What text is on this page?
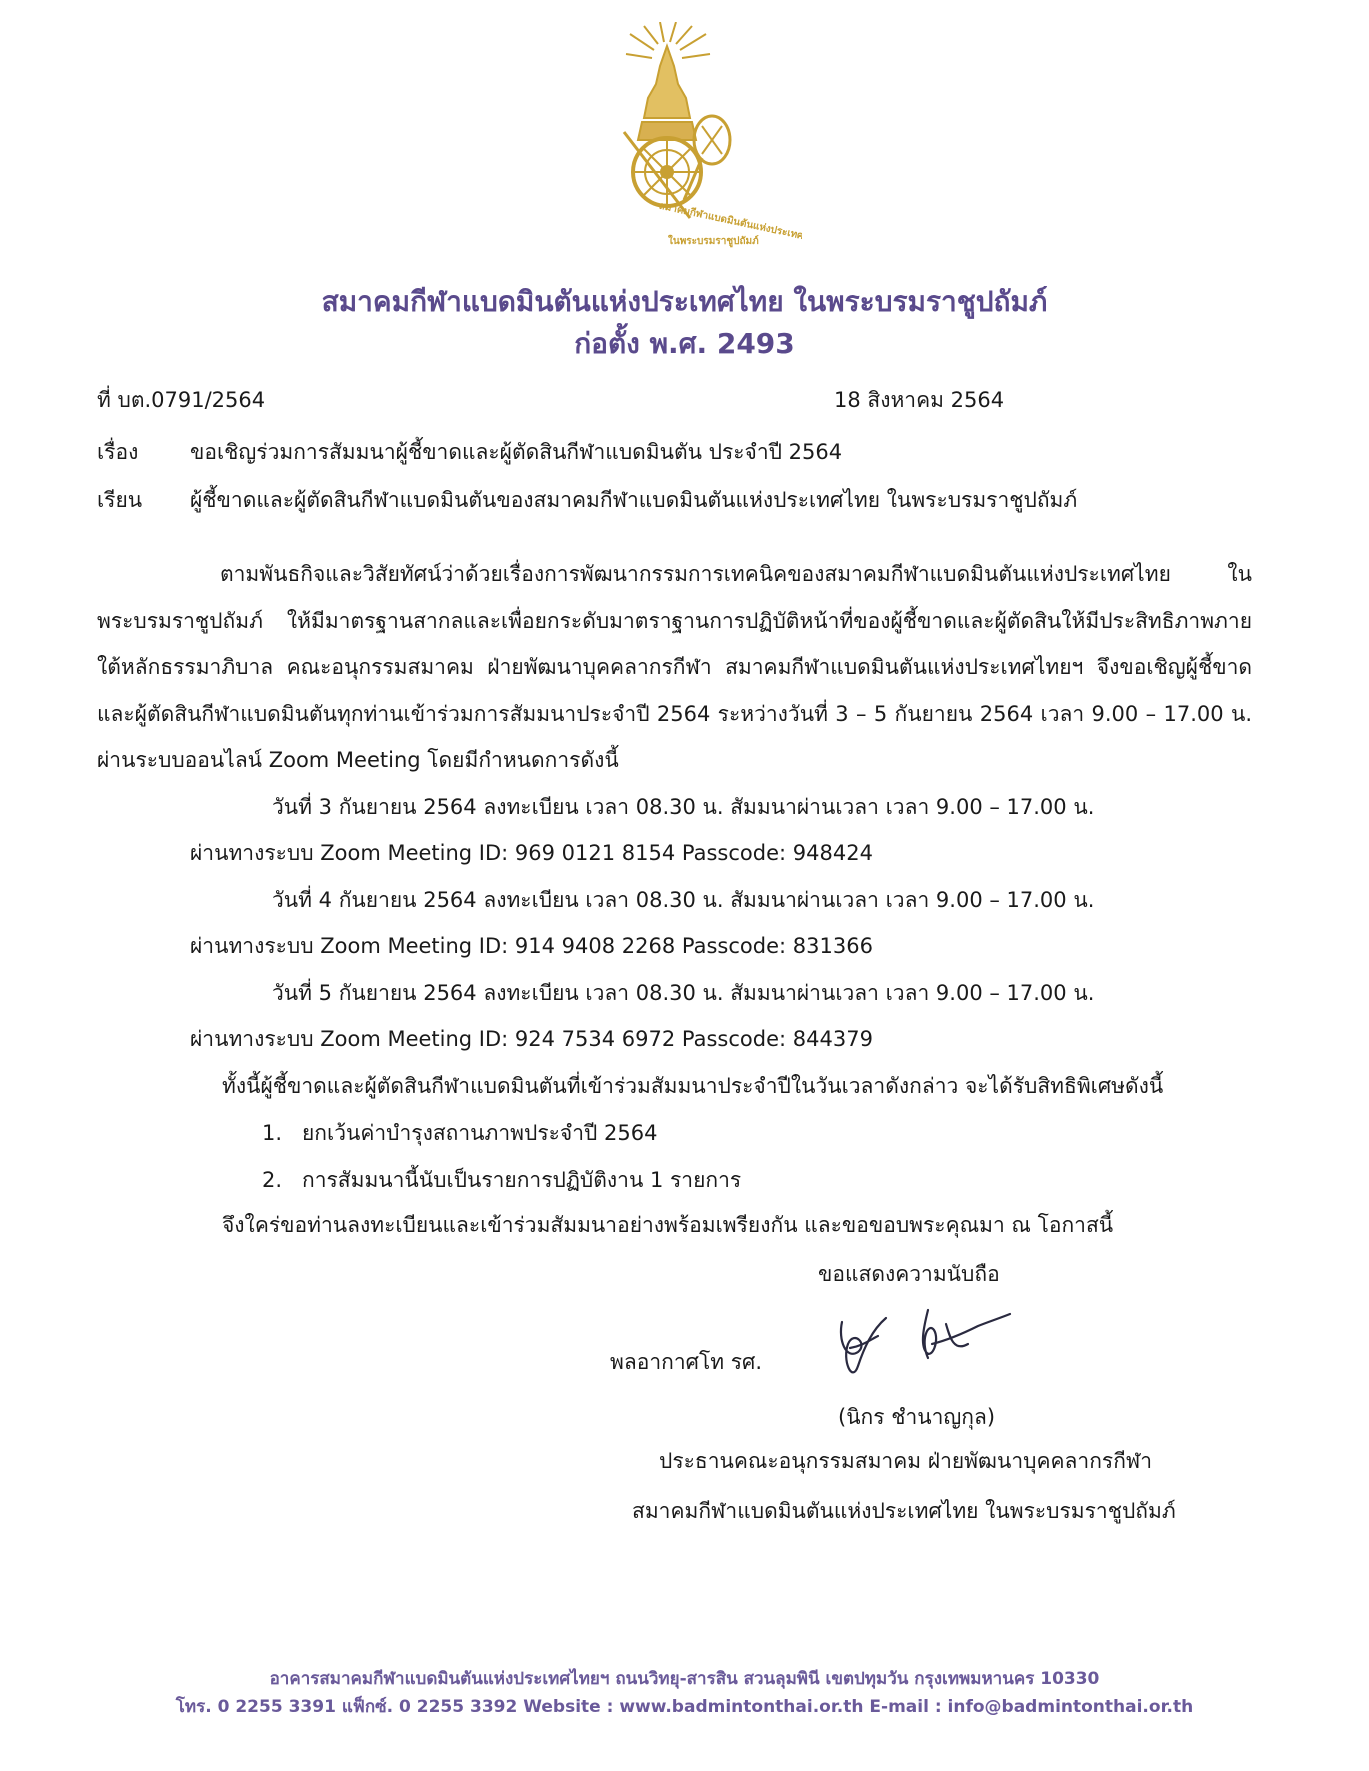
สมาคมกีฬาแบดมินตันแห่งประเทศไทย
ในพระบรมราชูปถัมภ์
สมาคมกีฬาแบดมินตันแห่งประเทศไทย ในพระบรมราชูปถัมภ์
ก่อตั้ง พ.ศ. 2493
ที่ บต.0791/2564	18 สิงหาคม 2564
เรื่อง ขอเชิญร่วมการสัมมนาผู้ชี้ขาดและผู้ตัดสินกีฬาแบดมินตัน ประจำปี 2564
เรียน ผู้ชี้ขาดและผู้ตัดสินกีฬาแบดมินตันของสมาคมกีฬาแบดมินตันแห่งประเทศไทย ในพระบรมราชูปถัมภ์
ตามพันธกิจและวิสัยทัศน์ว่าด้วยเรื่องการพัฒนากรรมการเทคนิคของสมาคมกีฬาแบดมินตันแห่งประเทศไทย ในพระบรมราชูปถัมภ์ ให้มีมาตรฐานสากลและเพื่อยกระดับมาตราฐานการปฏิบัติหน้าที่ของผู้ชี้ขาดและผู้ตัดสินให้มีประสิทธิภาพภายใต้หลักธรรมาภิบาล คณะอนุกรรมสมาคม ฝ่ายพัฒนาบุคคลากรกีฬา สมาคมกีฬาแบดมินตันแห่งประเทศไทยฯ จึงขอเชิญผู้ชี้ขาดและผู้ตัดสินกีฬาแบดมินตันทุกท่านเข้าร่วมการสัมมนาประจำปี 2564 ระหว่างวันที่ 3 – 5 กันยายน 2564 เวลา 9.00 – 17.00 น. ผ่านระบบออนไลน์ Zoom Meeting โดยมีกำหนดการดังนี้
วันที่ 3 กันยายน 2564 ลงทะเบียน เวลา 08.30 น. สัมมนาผ่านเวลา เวลา 9.00 – 17.00 น.
ผ่านทางระบบ Zoom Meeting ID: 969 0121 8154 Passcode: 948424
วันที่ 4 กันยายน 2564 ลงทะเบียน เวลา 08.30 น. สัมมนาผ่านเวลา เวลา 9.00 – 17.00 น.
ผ่านทางระบบ Zoom Meeting ID: 914 9408 2268 Passcode: 831366
วันที่ 5 กันยายน 2564 ลงทะเบียน เวลา 08.30 น. สัมมนาผ่านเวลา เวลา 9.00 – 17.00 น.
ผ่านทางระบบ Zoom Meeting ID: 924 7534 6972 Passcode: 844379
ทั้งนี้ผู้ชี้ขาดและผู้ตัดสินกีฬาแบดมินตันที่เข้าร่วมสัมมนาประจำปีในวันเวลาดังกล่าว จะได้รับสิทธิพิเศษดังนี้
1. ยกเว้นค่าบำรุงสถานภาพประจำปี 2564
2. การสัมมนานี้นับเป็นรายการปฏิบัติงาน 1 รายการ
จึงใคร่ขอท่านลงทะเบียนและเข้าร่วมสัมมนาอย่างพร้อมเพรียงกัน และขอขอบพระคุณมา ณ โอกาสนี้
ขอแสดงความนับถือ
พลอากาศโท รศ.
(นิกร ชำนาญกุล)
ประธานคณะอนุกรรมสมาคม ฝ่ายพัฒนาบุคคลากรกีฬา
สมาคมกีฬาแบดมินตันแห่งประเทศไทย ในพระบรมราชูปถัมภ์
อาคารสมาคมกีฬาแบดมินตันแห่งประเทศไทยฯ ถนนวิทยุ-สารสิน สวนลุมพินี เขตปทุมวัน กรุงเทพมหานคร 10330
โทร. 0 2255 3391 แฟ็กซ์. 0 2255 3392 Website : www.badmintonthai.or.th E-mail : info@badmintonthai.or.th
